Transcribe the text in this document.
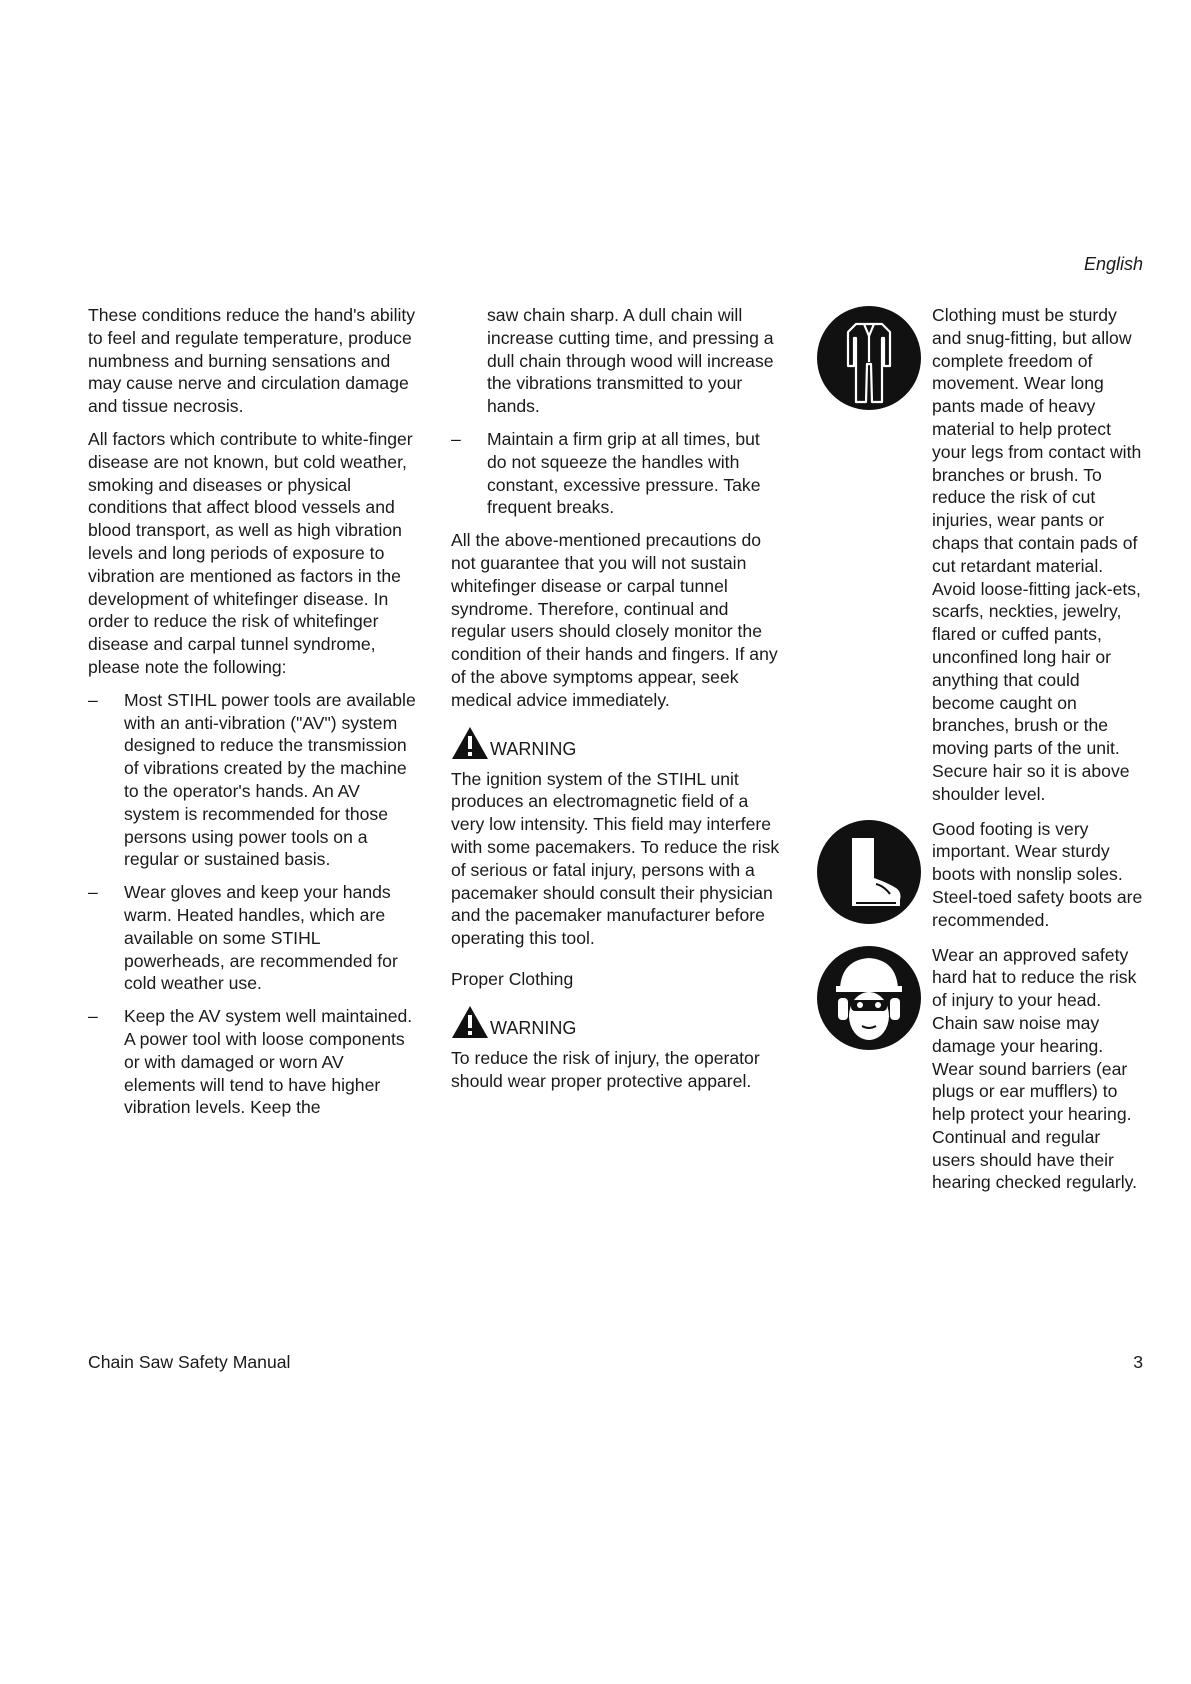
English

These conditions reduce the hand's ability to feel and regulate temperature, produce numbness and burning sensations and may cause nerve and circulation damage and tissue necrosis.

All factors which contribute to white-finger disease are not known, but cold weather, smoking and diseases or physical conditions that affect blood vessels and blood transport, as well as high vibration levels and long periods of exposure to vibration are mentioned as factors in the development of whitefinger disease. In order to reduce the risk of whitefinger disease and carpal tunnel syndrome, please note the following:

–	Most STIHL power tools are available with an anti-vibration ("AV") system designed to reduce the transmission of vibrations created by the machine to the operator's hands. An AV system is recommended for those persons using power tools on a regular or sustained basis.
–	Wear gloves and keep your hands warm. Heated handles, which are available on some STIHL powerheads, are recommended for cold weather use.
–	Keep the AV system well maintained. A power tool with loose components or with damaged or worn AV elements will tend to have higher vibration levels. Keep the

saw chain sharp. A dull chain will increase cutting time, and pressing a dull chain through wood will increase the vibrations transmitted to your hands.

–	Maintain a firm grip at all times, but do not squeeze the handles with constant, excessive pressure. Take frequent breaks.

All the above-mentioned precautions do not guarantee that you will not sustain whitefinger disease or carpal tunnel syndrome. Therefore, continual and regular users should closely monitor the condition of their hands and fingers. If any of the above symptoms appear, seek medical advice immediately.

WARNING

The ignition system of the STIHL unit produces an electromagnetic field of a very low intensity. This field may interfere with some pacemakers. To reduce the risk of serious or fatal injury, persons with a pacemaker should consult their physician and the pacemaker manufacturer before operating this tool.

Proper Clothing
WARNING

To reduce the risk of injury, the operator should wear proper protective apparel.

Clothing must be sturdy and snug-fitting, but allow complete freedom of movement. Wear long pants made of heavy material to help protect your legs from contact with branches or brush. To reduce the risk of cut injuries, wear pants or chaps that contain pads of cut retardant material. Avoid loose-fitting jack-ets, scarfs, neckties, jewelry, flared or cuffed pants, unconfined long hair or anything that could become caught on branches, brush or the moving parts of the unit. Secure hair so it is above shoulder level.
Good footing is very important. Wear sturdy boots with nonslip soles. Steel-toed safety boots are recommended.
Wear an approved safety hard hat to reduce the risk of injury to your head. Chain saw noise may damage your hearing. Wear sound barriers (ear plugs or ear mufflers) to help protect your hearing. Continual and regular users should have their hearing checked regularly.
Chain Saw Safety Manual	3
